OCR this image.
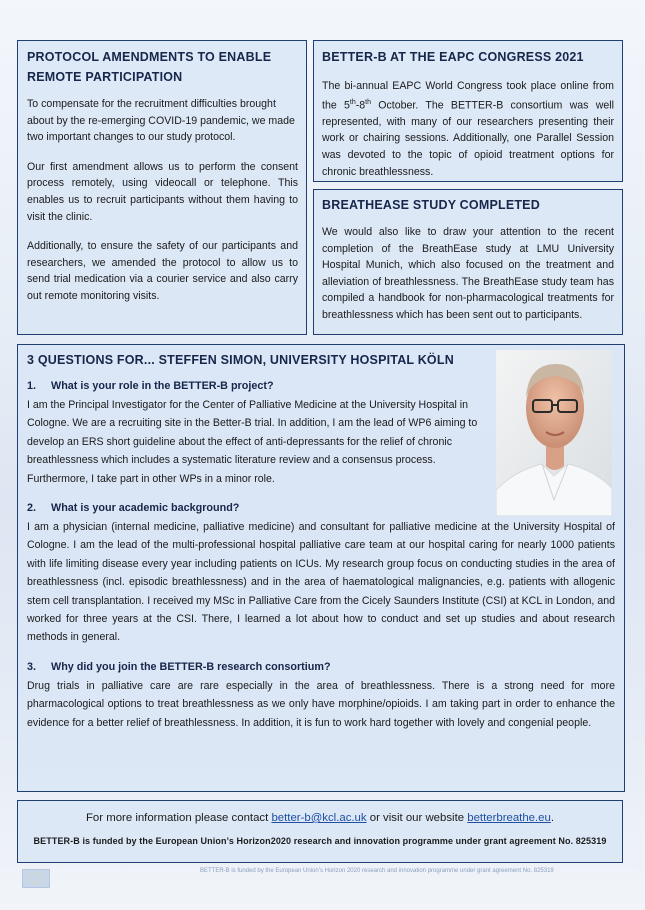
PROTOCOL AMENDMENTS TO ENABLE REMOTE PARTICIPATION

To compensate for the recruitment difficulties brought about by the re-emerging COVID-19 pandemic, we made two important changes to our study protocol.

Our first amendment allows us to perform the consent process remotely, using videocall or telephone. This enables us to recruit participants without them having to visit the clinic.

Additionally, to ensure the safety of our participants and researchers, we amended the protocol to allow us to send trial medication via a courier service and also carry out remote monitoring visits.

BETTER-B AT THE EAPC CONGRESS 2021

The bi-annual EAPC World Congress took place online from the 5th-8th October. The BETTER-B consortium was well represented, with many of our researchers presenting their work or chairing sessions. Additionally, one Parallel Session was devoted to the topic of opioid treatment options for chronic breathlessness.

BREATHEASE STUDY COMPLETED

We would also like to draw your attention to the recent completion of the BreathEase study at LMU University Hospital Munich, which also focused on the treatment and alleviation of breathlessness. The BreathEase study team has compiled a handbook for non-pharmacological treatments for breathlessness which has been sent out to participants.

3 QUESTIONS FOR... STEFFEN SIMON, UNIVERSITY HOSPITAL KÖLN
1. What is your role in the BETTER-B project?

I am the Principal Investigator for the Center of Palliative Medicine at the University Hospital in Cologne. We are a recruiting site in the Better-B trial. In addition, I am the lead of WP6 aiming to develop an ERS short guideline about the effect of anti-depressants for the relief of chronic breathlessness which includes a systematic literature review and a consensus process. Furthermore, I take part in other WPs in a minor role.

2. What is your academic background?

I am a physician (internal medicine, palliative medicine) and consultant for palliative medicine at the University Hospital of Cologne. I am the lead of the multi-professional hospital palliative care team at our hospital caring for nearly 1000 patients with life limiting disease every year including patients on ICUs. My research group focus on conducting studies in the area of breathlessness (incl. episodic breathlessness) and in the area of haematological malignancies, e.g. patients with allogenic stem cell transplantation. I received my MSc in Palliative Care from the Cicely Saunders Institute (CSI) at KCL in London, and worked for three years at the CSI. There, I learned a lot about how to conduct and set up studies and about research methods in general.

3. Why did you join the BETTER-B research consortium?

Drug trials in palliative care are rare especially in the area of breathlessness. There is a strong need for more pharmacological options to treat breathlessness as we only have morphine/opioids. I am taking part in order to enhance the evidence for a better relief of breathlessness. In addition, it is fun to work hard together with lovely and congenial people.

For more information please contact better-b@kcl.ac.uk or visit our website betterbreathe.eu.
BETTER-B is funded by the European Union’s Horizon2020 research and innovation programme under grant agreement No. 825319
BETTER-B is funded by the European Union’s Horizon 2020 research and innovation programme under grant agreement No. 825319
